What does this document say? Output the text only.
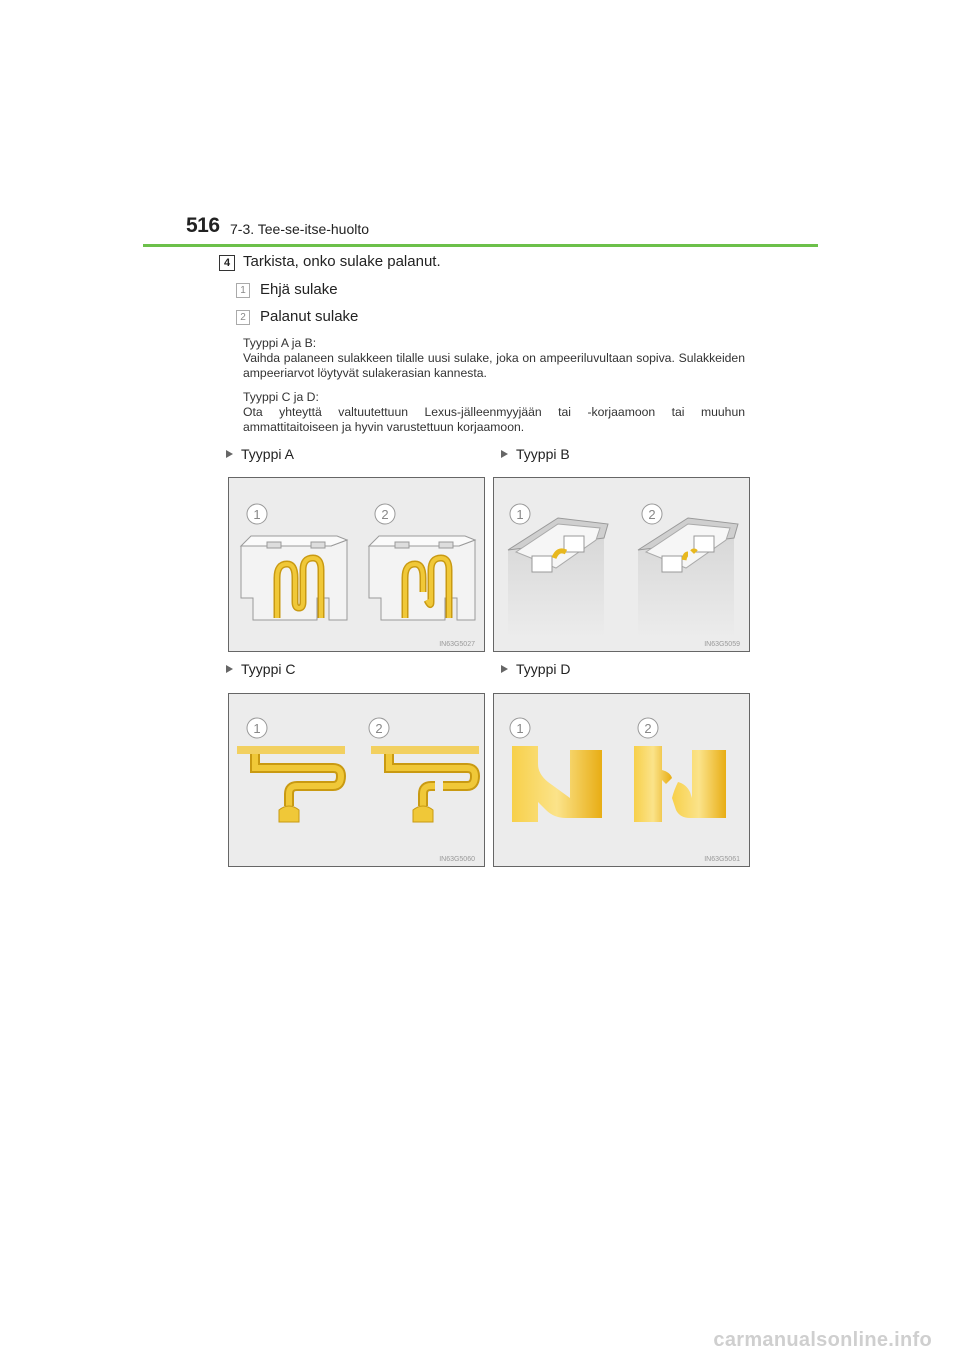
516 7-3. Tee-se-itse-huolto
4 Tarkista, onko sulake palanut.
1 Ehjä sulake
2 Palanut sulake
Tyyppi A ja B:
Vaihda palaneen sulakkeen tilalle uusi sulake, joka on ampeeriluvultaan sopiva. Sulakkeiden ampeeriarvot löytyvät sulakerasian kannesta.
Tyyppi C ja D:
Ota yhteyttä valtuutettuun Lexus-jälleenmyyjään tai -korjaamoon tai muuhun ammattitaitoiseen ja hyvin varustettuun korjaamoon.
Tyyppi A	Tyyppi B
Tyyppi C	Tyyppi D
1	2
IN63G5027
1	2
IN63G5059
1	2
IN63G5060
1	2
IN63G5061
carmanualsonline.info
